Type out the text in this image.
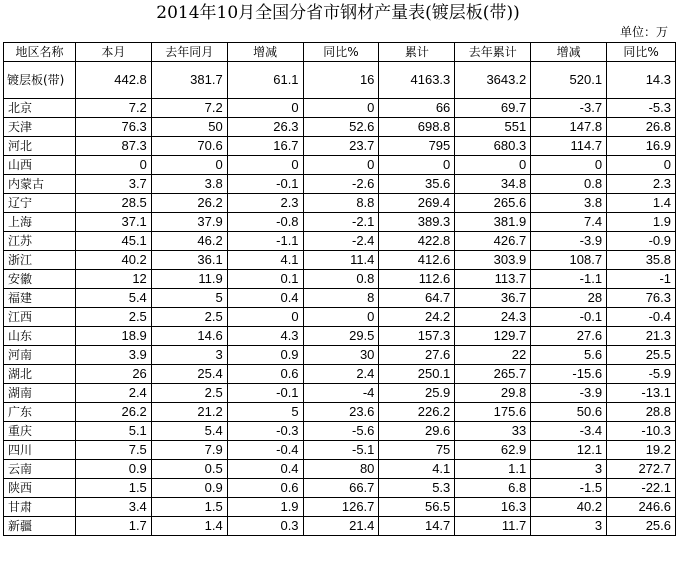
2014年10月全国分省市钢材产量表(镀层板(带))
单位：万
地区名称	本月	去年同月	增减	同比%	累计	去年累计	增减	同比%
镀层板(带)	442.8	381.7	61.1	16	4163.3	3643.2	520.1	14.3
北京	7.2	7.2	0	0	66	69.7	-3.7	-5.3
天津	76.3	50	26.3	52.6	698.8	551	147.8	26.8
河北	87.3	70.6	16.7	23.7	795	680.3	114.7	16.9
山西	0	0	0	0	0	0	0	0
内蒙古	3.7	3.8	-0.1	-2.6	35.6	34.8	0.8	2.3
辽宁	28.5	26.2	2.3	8.8	269.4	265.6	3.8	1.4
上海	37.1	37.9	-0.8	-2.1	389.3	381.9	7.4	1.9
江苏	45.1	46.2	-1.1	-2.4	422.8	426.7	-3.9	-0.9
浙江	40.2	36.1	4.1	11.4	412.6	303.9	108.7	35.8
安徽	12	11.9	0.1	0.8	112.6	113.7	-1.1	-1
福建	5.4	5	0.4	8	64.7	36.7	28	76.3
江西	2.5	2.5	0	0	24.2	24.3	-0.1	-0.4
山东	18.9	14.6	4.3	29.5	157.3	129.7	27.6	21.3
河南	3.9	3	0.9	30	27.6	22	5.6	25.5
湖北	26	25.4	0.6	2.4	250.1	265.7	-15.6	-5.9
湖南	2.4	2.5	-0.1	-4	25.9	29.8	-3.9	-13.1
广东	26.2	21.2	5	23.6	226.2	175.6	50.6	28.8
重庆	5.1	5.4	-0.3	-5.6	29.6	33	-3.4	-10.3
四川	7.5	7.9	-0.4	-5.1	75	62.9	12.1	19.2
云南	0.9	0.5	0.4	80	4.1	1.1	3	272.7
陕西	1.5	0.9	0.6	66.7	5.3	6.8	-1.5	-22.1
甘肃	3.4	1.5	1.9	126.7	56.5	16.3	40.2	246.6
新疆	1.7	1.4	0.3	21.4	14.7	11.7	3	25.6
